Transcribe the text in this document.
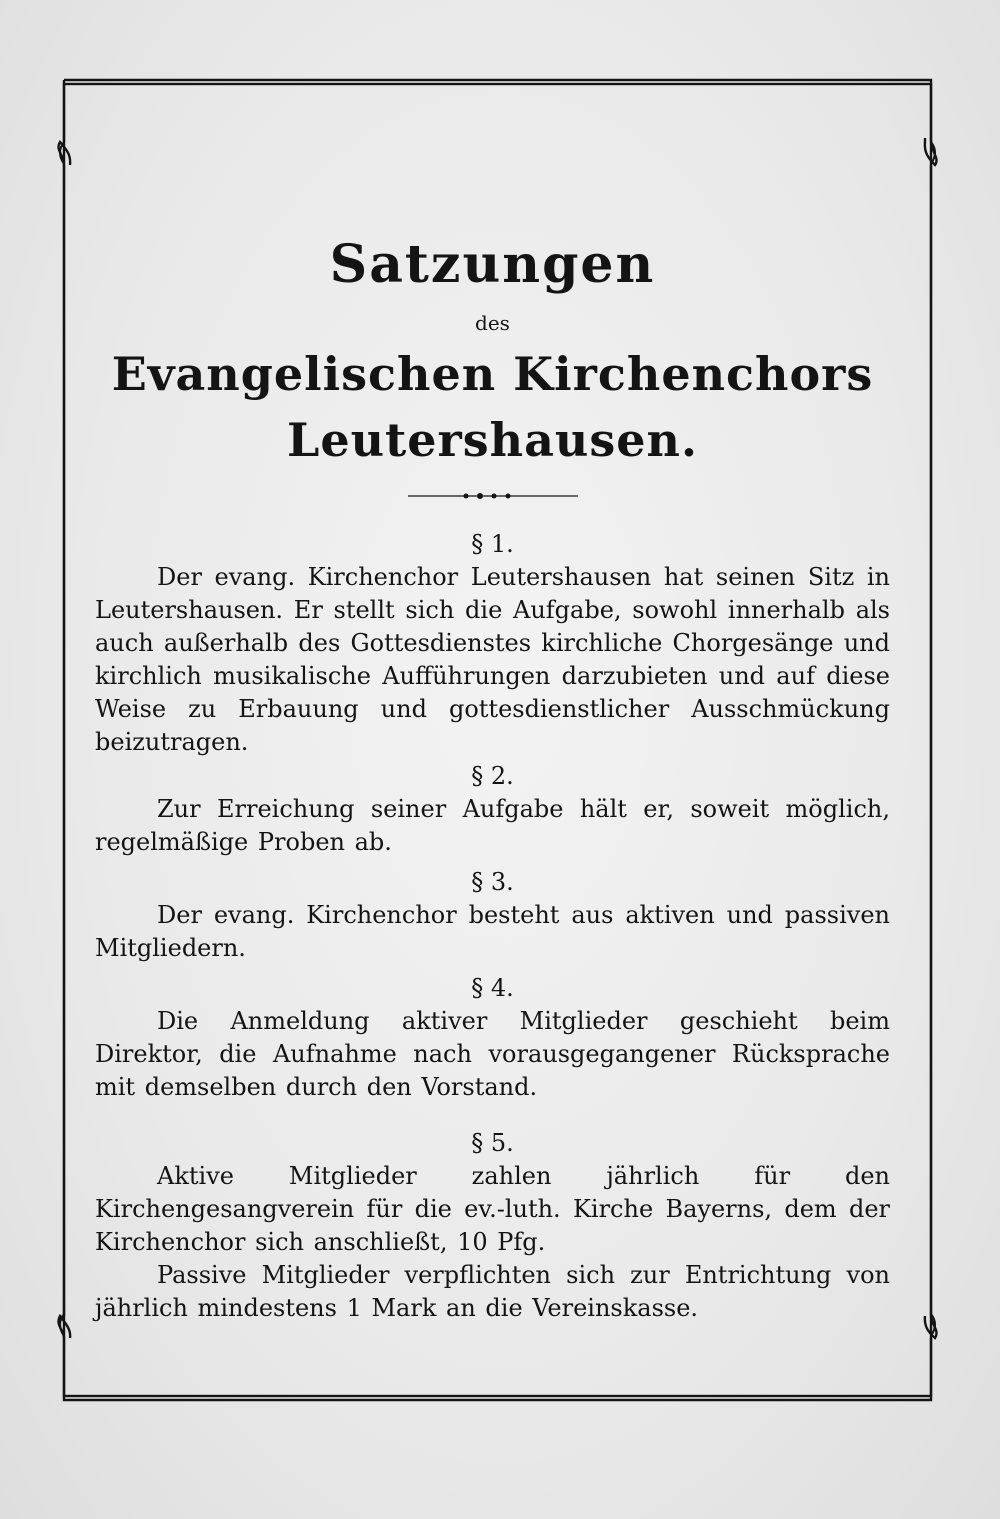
Satzungen

des

Evangelischen Kirchenchors

Leutershausen.

§ 1.

Der evang. Kirchenchor Leutershausen hat seinen Sitz in Leutershausen. Er stellt sich die Aufgabe, sowohl innerhalb als auch außerhalb des Gottesdienstes kirchliche Chorgesänge und kirchlich musikalische Aufführungen darzubieten und auf diese Weise zu Erbauung und gottesdienstlicher Ausschmückung beizutragen.

§ 2.

Zur Erreichung seiner Aufgabe hält er, soweit möglich, regelmäßige Proben ab.

§ 3.

Der evang. Kirchenchor besteht aus aktiven und passiven Mitgliedern.

§ 4.

Die Anmeldung aktiver Mitglieder geschieht beim Direktor, die Aufnahme nach vorausgegangener Rücksprache mit demselben durch den Vorstand.

§ 5.

Aktive Mitglieder zahlen jährlich für den Kirchengesangverein für die ev.-luth. Kirche Bayerns, dem der Kirchenchor sich anschließt, 10 Pfg.

Passive Mitglieder verpflichten sich zur Entrichtung von jährlich mindestens 1 Mark an die Vereinskasse.
